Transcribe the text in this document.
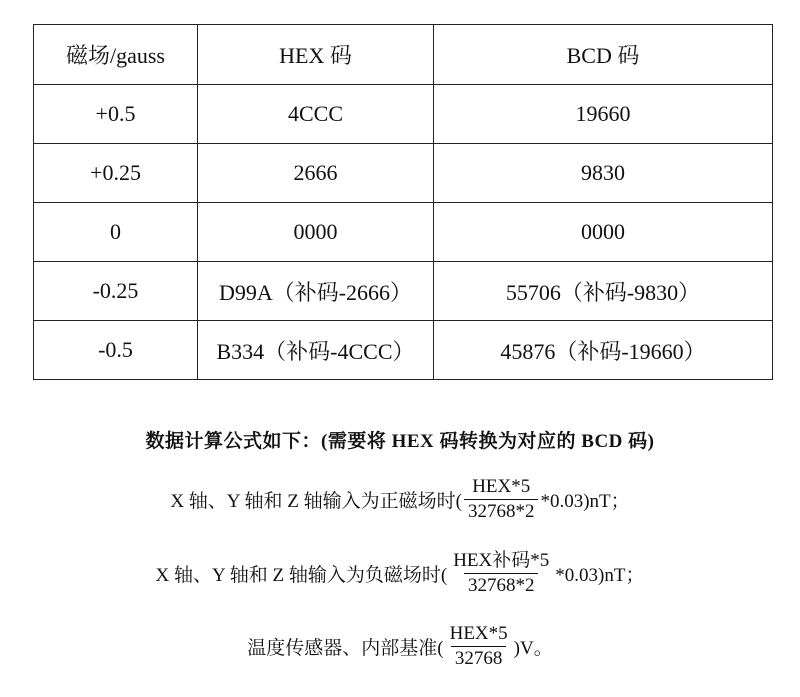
磁场/gauss	HEX 码	BCD 码
+0.5	4CCC	19660
+0.25	2666	9830
0	0000	0000
-0.25	D99A（补码-2666）	55706（补码-9830）
-0.5	B334（补码-4CCC）	45876（补码-19660）
数据计算公式如下：(需要将 HEX 码转换为对应的 BCD 码)
X 轴、Y 轴和 Z 轴输入为正磁场时( $\frac{\text{HEX*5}}{32768*2} *0.03)nT$；
X 轴、Y 轴和 Z 轴输入为负磁场时( $\frac{\text{HEX补码*5}}{32768*2} *0.03)nT$；
温度传感器、内部基准( $\frac{\text{HEX*5}}{32768} )V$。
